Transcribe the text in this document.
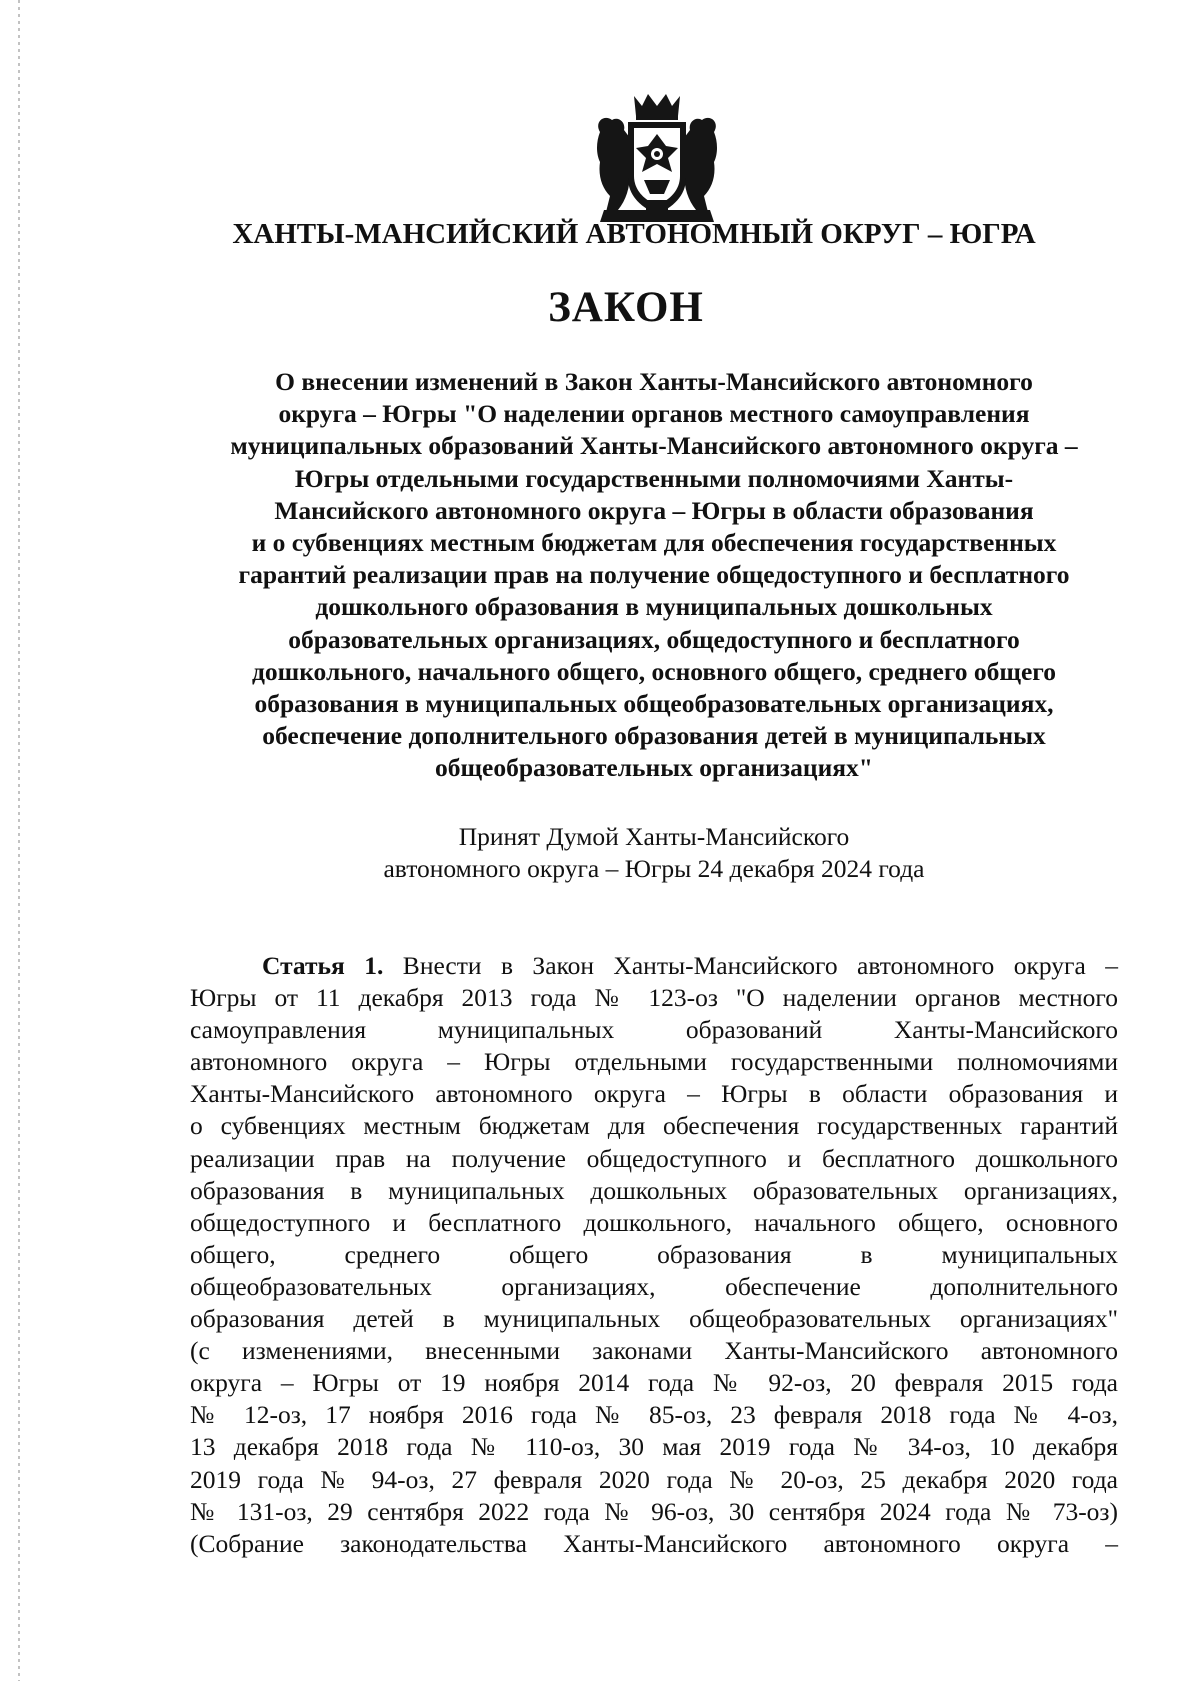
ХАНТЫ-МАНСИЙСКИЙ АВТОНОМНЫЙ ОКРУГ – ЮГРА
ЗАКОН
О внесении изменений в Закон Ханты-Мансийского автономного
округа – Югры "О наделении органов местного самоуправления
муниципальных образований Ханты-Мансийского автономного округа –
Югры отдельными государственными полномочиями Ханты-
Мансийского автономного округа – Югры в области образования
и о субвенциях местным бюджетам для обеспечения государственных
гарантий реализации прав на получение общедоступного и бесплатного
дошкольного образования в муниципальных дошкольных
образовательных организациях, общедоступного и бесплатного
дошкольного, начального общего, основного общего, среднего общего
образования в муниципальных общеобразовательных организациях,
обеспечение дополнительного образования детей в муниципальных
общеобразовательных организациях"
Принят Думой Ханты-Мансийского
автономного округа – Югры 24 декабря 2024 года
Статья 1. Внести в Закон Ханты-Мансийского автономного округа –
Югры от 11 декабря 2013 года № 123-оз "О наделении органов местного
самоуправления муниципальных образований Ханты-Мансийского
автономного округа – Югры отдельными государственными полномочиями
Ханты-Мансийского автономного округа – Югры в области образования и
о субвенциях местным бюджетам для обеспечения государственных гарантий
реализации прав на получение общедоступного и бесплатного дошкольного
образования в муниципальных дошкольных образовательных организациях,
общедоступного и бесплатного дошкольного, начального общего, основного
общего, среднего общего образования в муниципальных
общеобразовательных организациях, обеспечение дополнительного
образования детей в муниципальных общеобразовательных организациях"
(с изменениями, внесенными законами Ханты-Мансийского автономного
округа – Югры от 19 ноября 2014 года № 92-оз, 20 февраля 2015 года
№ 12-оз, 17 ноября 2016 года № 85-оз, 23 февраля 2018 года № 4-оз,
13 декабря 2018 года № 110-оз, 30 мая 2019 года № 34-оз, 10 декабря
2019 года № 94-оз, 27 февраля 2020 года № 20-оз, 25 декабря 2020 года
№ 131-оз, 29 сентября 2022 года № 96-оз, 30 сентября 2024 года № 73-оз)
(Собрание законодательства Ханты-Мансийского автономного округа –
